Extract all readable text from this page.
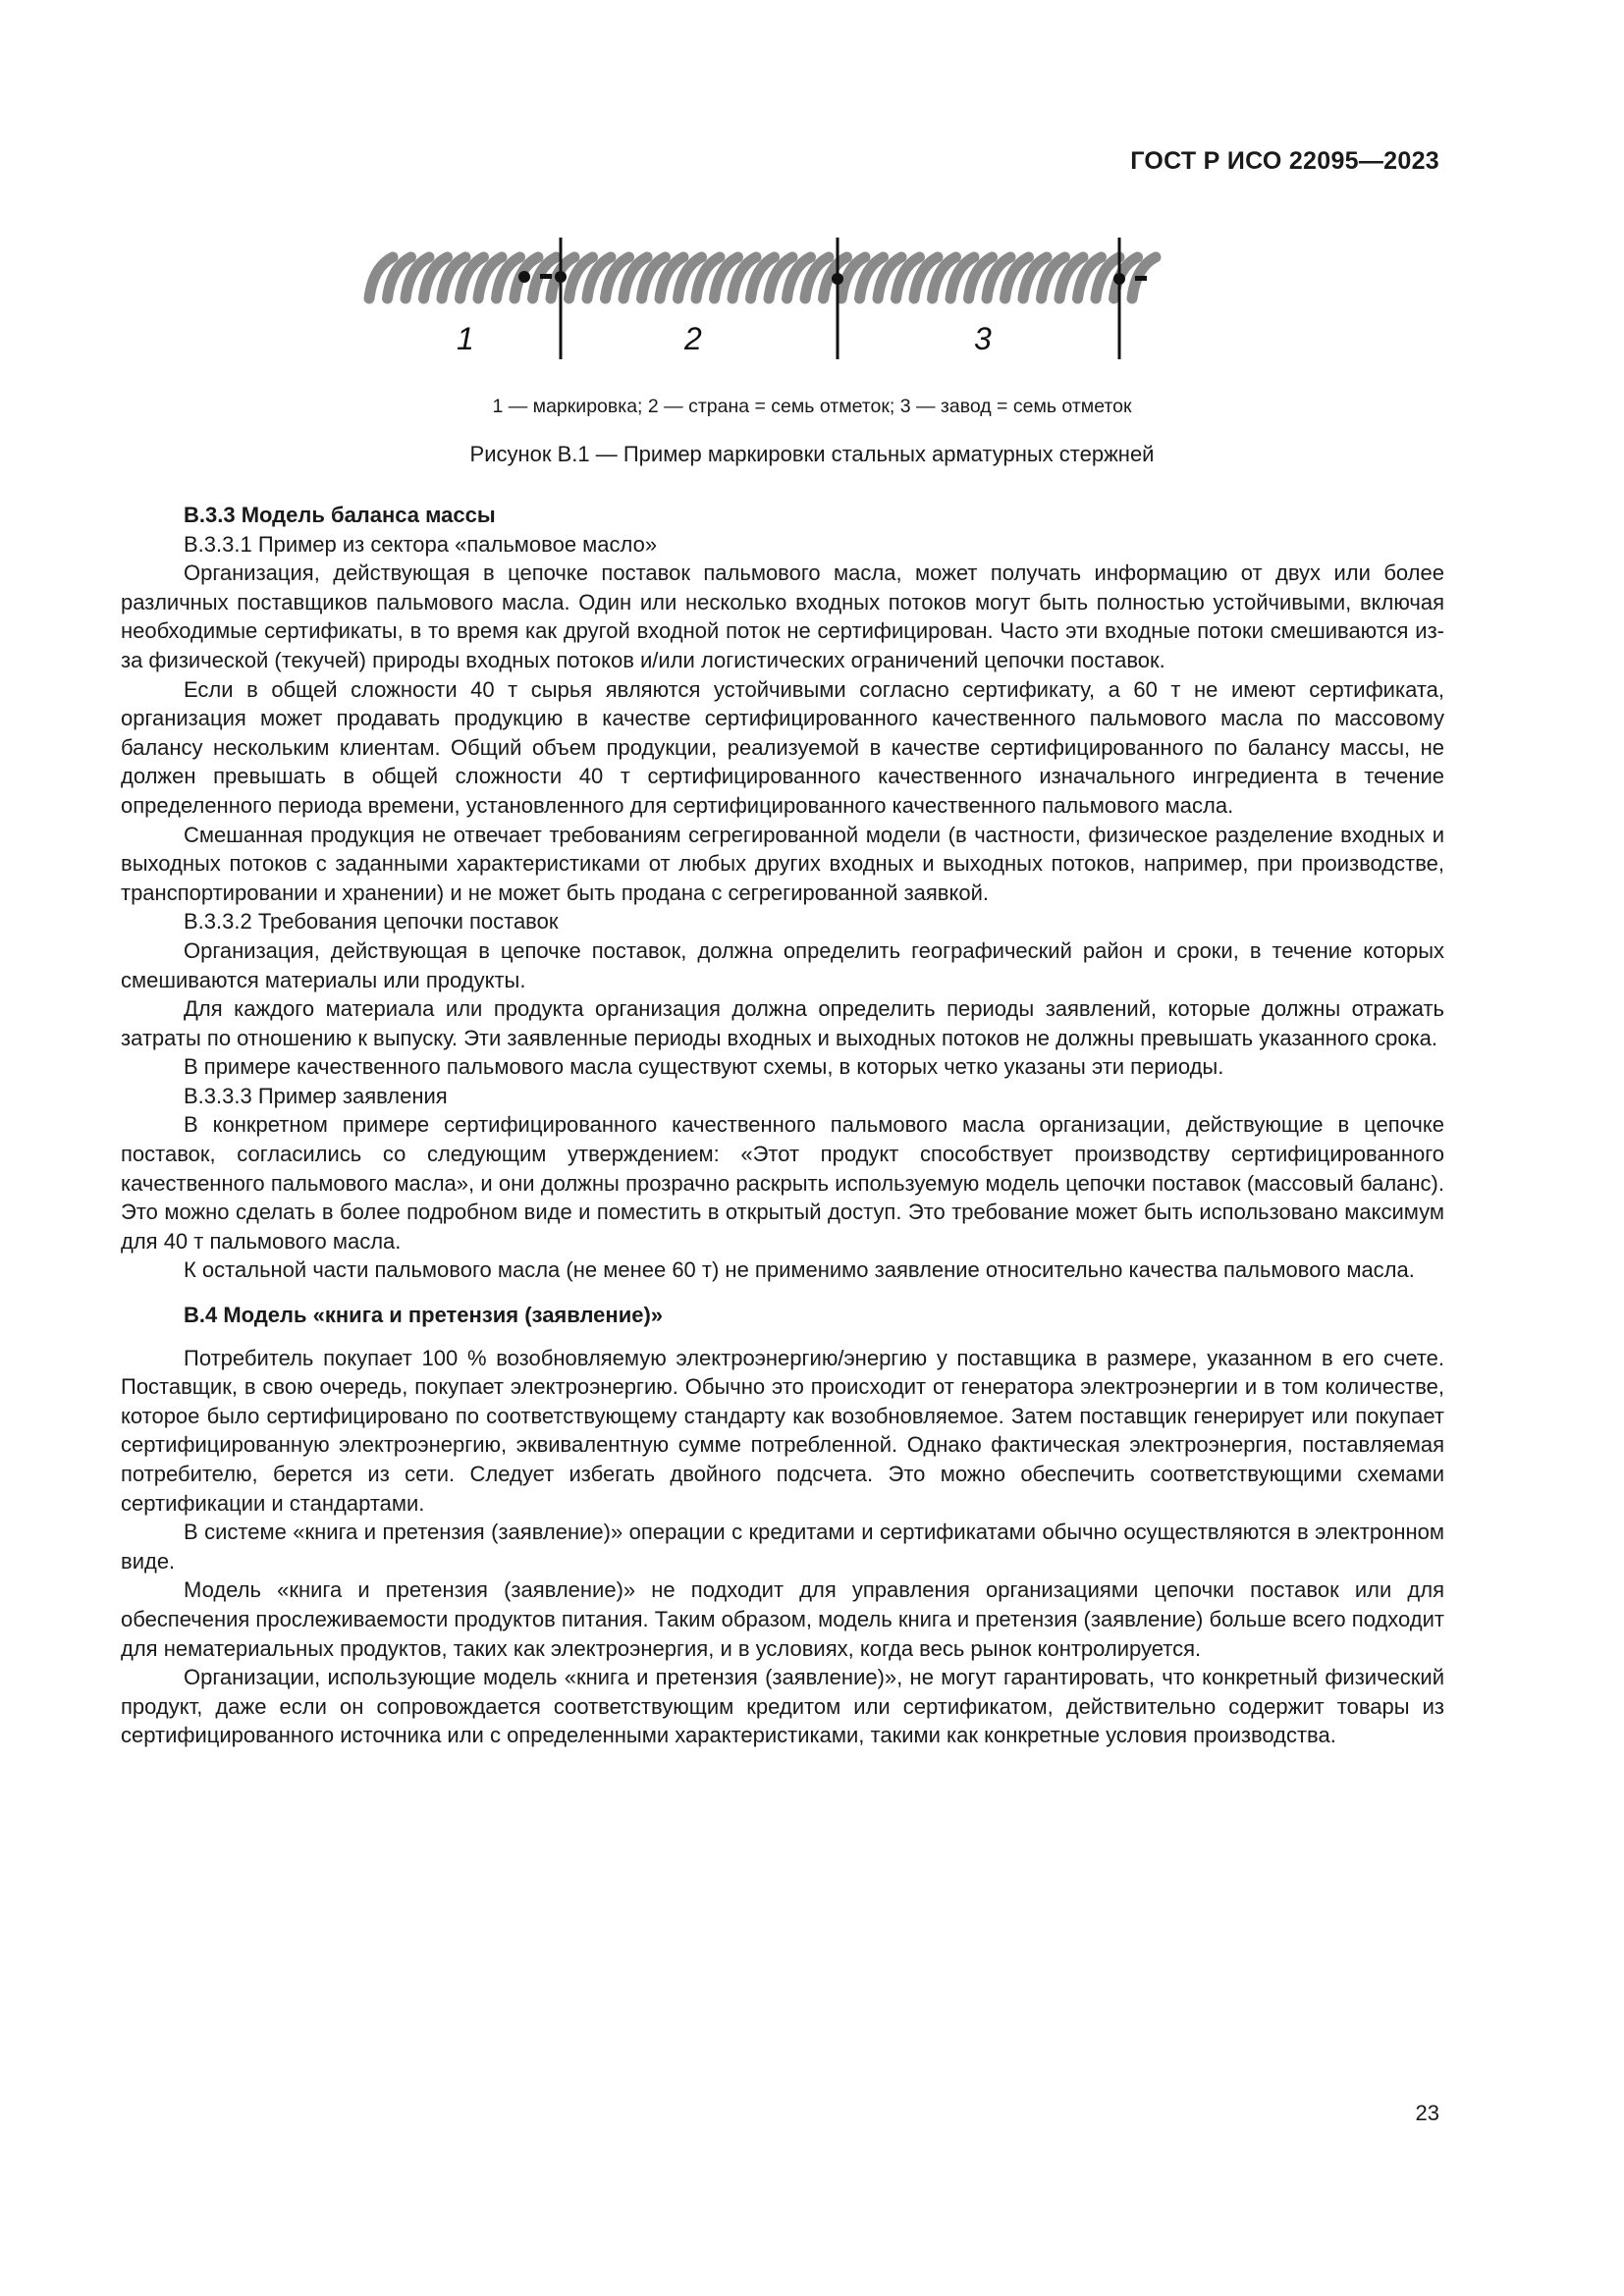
ГОСТ Р ИСО 22095—2023
1	2	3
1 — маркировка; 2 — страна = семь отметок; 3 — завод = семь отметок
Рисунок В.1 — Пример маркировки стальных арматурных стержней

В.3.3 Модель баланса массы

В.3.3.1 Пример из сектора «пальмовое масло»

Организация, действующая в цепочке поставок пальмового масла, может получать информацию от двух или более различных поставщиков пальмового масла. Один или несколько входных потоков могут быть полностью устойчивыми, включая необходимые сертификаты, в то время как другой входной поток не сертифицирован. Часто эти входные потоки смешиваются из-за физической (текучей) природы входных потоков и/или логистических ограничений цепочки поставок.

Если в общей сложности 40 т сырья являются устойчивыми согласно сертификату, а 60 т не имеют сертификата, организация может продавать продукцию в качестве сертифицированного качественного пальмового масла по массовому балансу нескольким клиентам. Общий объем продукции, реализуемой в качестве сертифицированного по балансу массы, не должен превышать в общей сложности 40 т сертифицированного качественного изначального ингредиента в течение определенного периода времени, установленного для сертифицированного качественного пальмового масла.

Смешанная продукция не отвечает требованиям сегрегированной модели (в частности, физическое разделение входных и выходных потоков с заданными характеристиками от любых других входных и выходных потоков, например, при производстве, транспортировании и хранении) и не может быть продана с сегрегированной заявкой.

В.3.3.2 Требования цепочки поставок

Организация, действующая в цепочке поставок, должна определить географический район и сроки, в течение которых смешиваются материалы или продукты.

Для каждого материала или продукта организация должна определить периоды заявлений, которые должны отражать затраты по отношению к выпуску. Эти заявленные периоды входных и выходных потоков не должны превышать указанного срока.

В примере качественного пальмового масла существуют схемы, в которых четко указаны эти периоды.

В.3.3.3 Пример заявления

В конкретном примере сертифицированного качественного пальмового масла организации, действующие в цепочке поставок, согласились со следующим утверждением: «Этот продукт способствует производству сертифицированного качественного пальмового масла», и они должны прозрачно раскрыть используемую модель цепочки поставок (массовый баланс). Это можно сделать в более подробном виде и поместить в открытый доступ. Это требование может быть использовано максимум для 40 т пальмового масла.

К остальной части пальмового масла (не менее 60 т) не применимо заявление относительно качества пальмового масла.

В.4 Модель «книга и претензия (заявление)»

Потребитель покупает 100 % возобновляемую электроэнергию/энергию у поставщика в размере, указанном в его счете. Поставщик, в свою очередь, покупает электроэнергию. Обычно это происходит от генератора электроэнергии и в том количестве, которое было сертифицировано по соответствующему стандарту как возобновляемое. Затем поставщик генерирует или покупает сертифицированную электроэнергию, эквивалентную сумме потребленной. Однако фактическая электроэнергия, поставляемая потребителю, берется из сети. Следует избегать двойного подсчета. Это можно обеспечить соответствующими схемами сертификации и стандартами.

В системе «книга и претензия (заявление)» операции с кредитами и сертификатами обычно осуществляются в электронном виде.

Модель «книга и претензия (заявление)» не подходит для управления организациями цепочки поставок или для обеспечения прослеживаемости продуктов питания. Таким образом, модель книга и претензия (заявление) больше всего подходит для нематериальных продуктов, таких как электроэнергия, и в условиях, когда весь рынок контролируется.

Организации, использующие модель «книга и претензия (заявление)», не могут гарантировать, что конкретный физический продукт, даже если он сопровождается соответствующим кредитом или сертификатом, действительно содержит товары из сертифицированного источника или с определенными характеристиками, такими как конкретные условия производства.

23
